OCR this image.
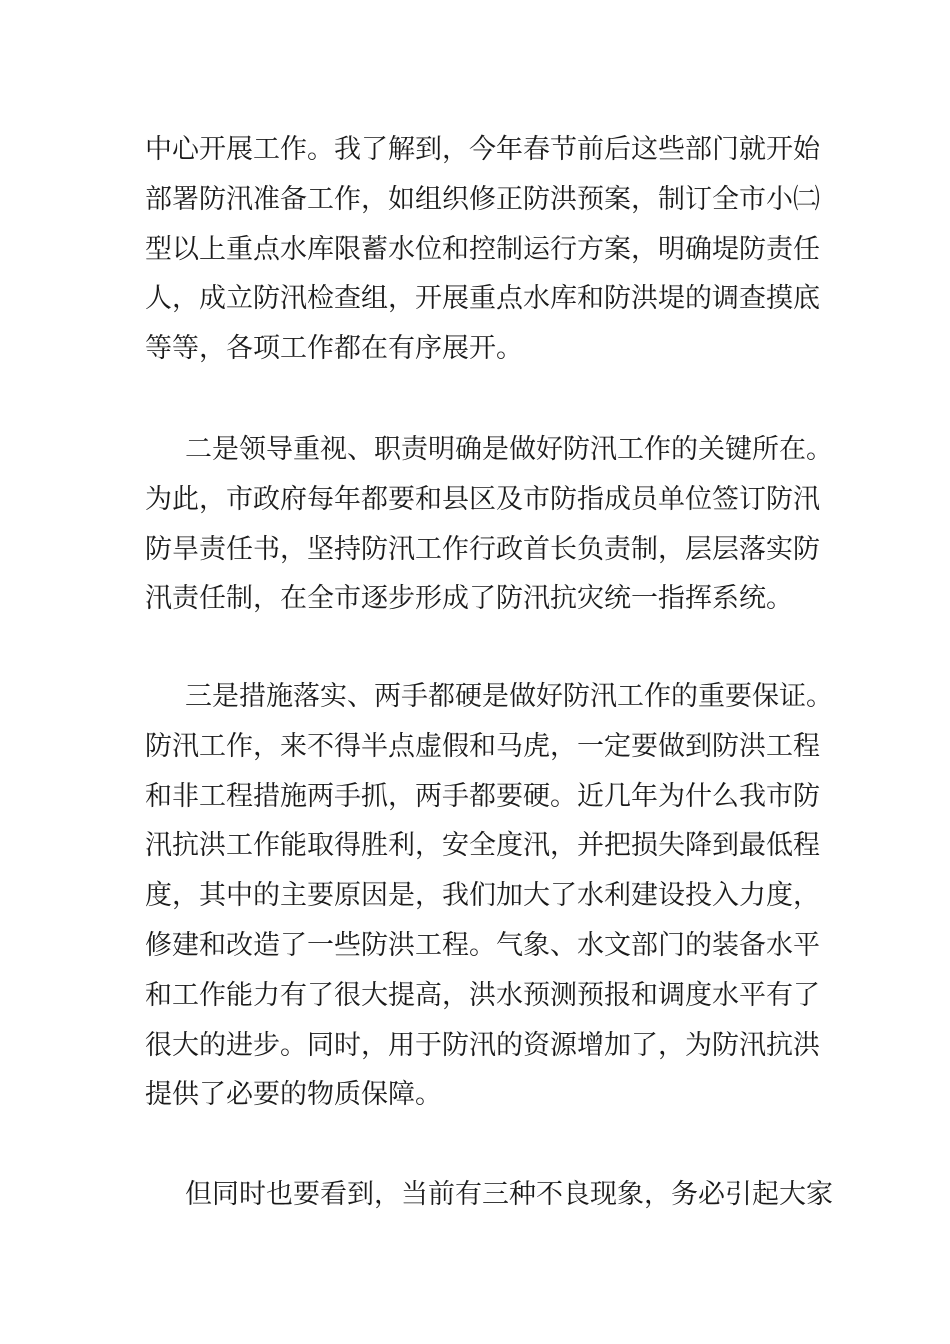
中心开展工作。我了解到，今年春节前后这些部门就开始
部署防汛准备工作，如组织修正防洪预案，制订全市小㈡
型以上重点水库限蓄水位和控制运行方案，明确堤防责任
人，成立防汛检查组，开展重点水库和防洪堤的调查摸底
等等，各项工作都在有序展开。

二是领导重视、职责明确是做好防汛工作的关键所在。
为此，市政府每年都要和县区及市防指成员单位签订防汛
防旱责任书，坚持防汛工作行政首长负责制，层层落实防
汛责任制，在全市逐步形成了防汛抗灾统一指挥系统。

三是措施落实、两手都硬是做好防汛工作的重要保证。
防汛工作，来不得半点虚假和马虎，一定要做到防洪工程
和非工程措施两手抓，两手都要硬。近几年为什么我市防
汛抗洪工作能取得胜利，安全度汛，并把损失降到最低程
度，其中的主要原因是，我们加大了水利建设投入力度，
修建和改造了一些防洪工程。气象、水文部门的装备水平
和工作能力有了很大提高，洪水预测预报和调度水平有了
很大的进步。同时，用于防汛的资源增加了，为防汛抗洪
提供了必要的物质保障。

但同时也要看到，当前有三种不良现象，务必引起大家
